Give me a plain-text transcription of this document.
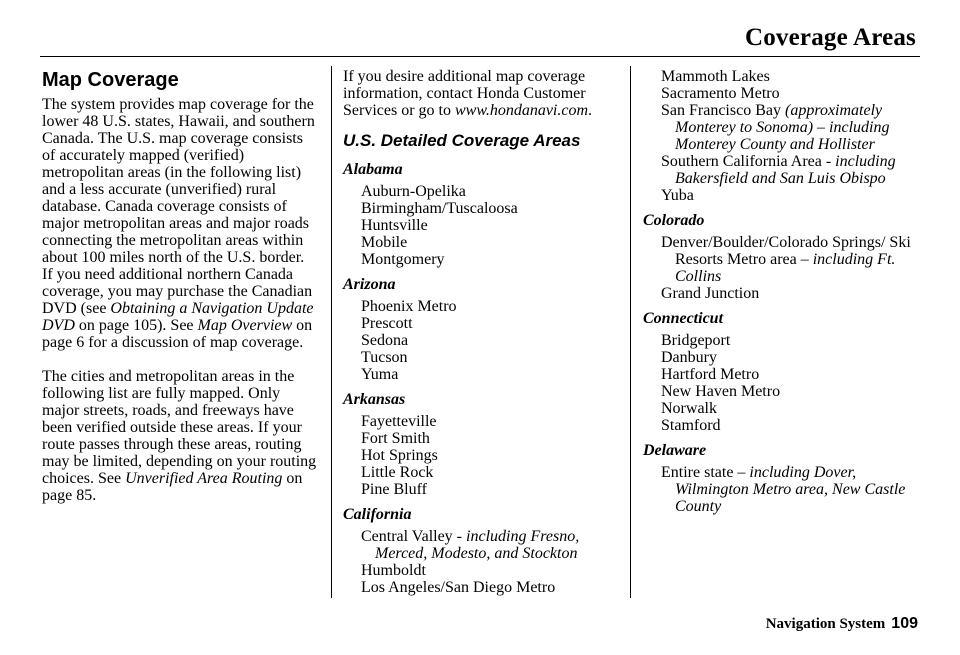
Coverage Areas
Map Coverage

The system provides map coverage for the lower 48 U.S. states, Hawaii, and southern Canada. The U.S. map coverage consists of accurately mapped (verified) metropolitan areas (in the following list) and a less accurate (unverified) rural database. Canada coverage consists of major metropolitan areas and major roads connecting the metropolitan areas within about 100 miles north of the U.S. border. If you need additional northern Canada coverage, you may purchase the Canadian DVD (see Obtaining a Navigation Update DVD on page 105). See Map Overview on page 6 for a discussion of map coverage.

The cities and metropolitan areas in the following list are fully mapped. Only major streets, roads, and freeways have been verified outside these areas. If your route passes through these areas, routing may be limited, depending on your routing choices. See Unverified Area Routing on page 85.

If you desire additional map coverage information, contact Honda Customer Services or go to www.hondanavi.com.

U.S. Detailed Coverage Areas
Alabama
Auburn-Opelika
Birmingham/Tuscaloosa
Huntsville
Mobile
Montgomery
Arizona
Phoenix Metro
Prescott
Sedona
Tucson
Yuma
Arkansas
Fayetteville
Fort Smith
Hot Springs
Little Rock
Pine Bluff
California
Central Valley - including Fresno, Merced, Modesto, and Stockton
Humboldt
Los Angeles/San Diego Metro
Mammoth Lakes
Sacramento Metro
San Francisco Bay (approximately Monterey to Sonoma) – including Monterey County and Hollister
Southern California Area - including Bakersfield and San Luis Obispo
Yuba
Colorado
Denver/Boulder/Colorado Springs/ Ski Resorts Metro area – including Ft. Collins
Grand Junction
Connecticut
Bridgeport
Danbury
Hartford Metro
New Haven Metro
Norwalk
Stamford
Delaware
Entire state – including Dover, Wilmington Metro area, New Castle County
Navigation System 109
